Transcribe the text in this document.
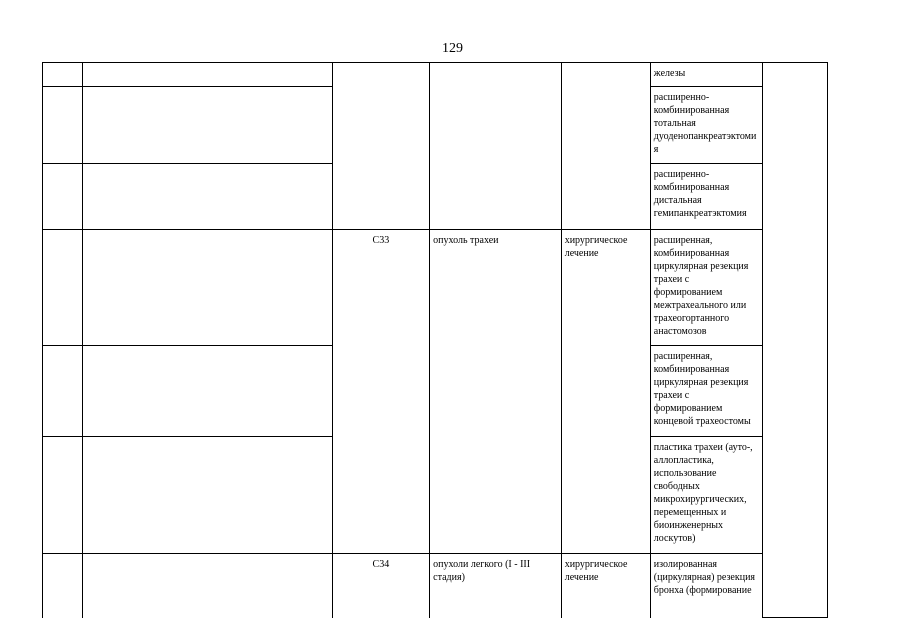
129
					железы	
					расширенно-комбинированная тотальная дуоденопанкреатэктомия	
					расширенно-комбинированная дистальная гемипанкреатэктомия	
		C33	опухоль трахеи	хирургическое лечение	расширенная, комбинированная циркулярная резекция трахеи с формированием межтрахеального или трахеогортанного анастомозов	
					расширенная, комбинированная циркулярная резекция трахеи с формированием концевой трахеостомы	
					пластика трахеи (ауто-, аллопластика, использование свободных микрохирургических, перемещенных и биоинженерных лоскутов)	
		C34	опухоли легкого (I - III стадия)	хирургическое лечение	изолированная (циркулярная) резекция бронха (формирование	
